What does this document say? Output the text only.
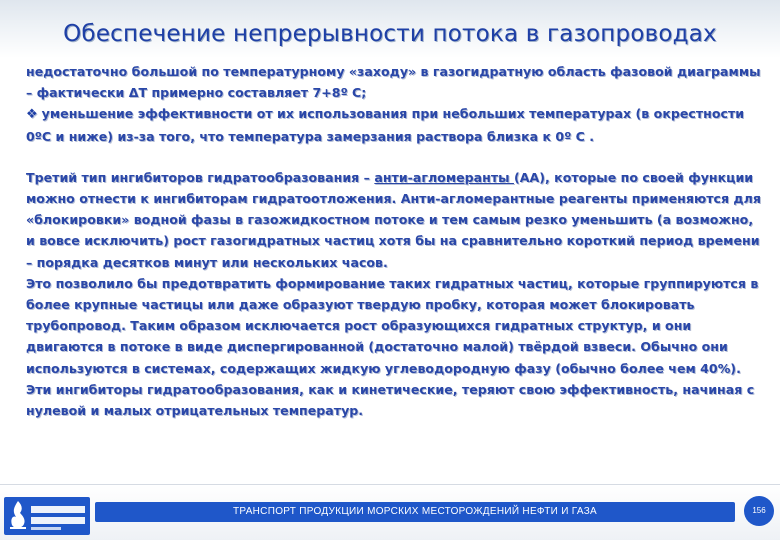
Обеспечение непрерывности потока в газопроводах

недостаточно большой по температурному «заходу» в газогидратную область фазовой диаграммы – фактически ΔT примерно составляет 7+8º C;

❖ уменьшение эффективности от их использования при небольших температурах (в окрестности 0ºC и ниже) из-за того, что температура замерзания раствора близка к 0º C .

Третий тип ингибиторов гидратообразования – анти-агломеранты (АА), которые по своей функции можно отнести к ингибиторам гидратоотложения. Анти-агломерантные реагенты применяются для «блокировки» водной фазы в газожидкостном потоке и тем самым резко уменьшить (а возможно, и вовсе исключить) рост газогидратных частиц хотя бы на сравнительно короткий период времени – порядка десятков минут или нескольких часов.

Это позволило бы предотвратить формирование таких гидратных частиц, которые группируются в более крупные частицы или даже образуют твердую пробку, которая может блокировать трубопровод. Таким образом исключается рост образующихся гидратных структур, и они двигаются в потоке в виде диспергированной (достаточно малой) твёрдой взвеси. Обычно они используются в системах, содержащих жидкую углеводородную фазу (обычно более чем 40%). Эти ингибиторы гидратообразования, как и кинетические, теряют свою эффективность, начиная с нулевой и малых отрицательных температур.

ТРАНСПОРТ ПРОДУКЦИИ МОРСКИХ МЕСТОРОЖДЕНИЙ НЕФТИ И ГАЗА	156
